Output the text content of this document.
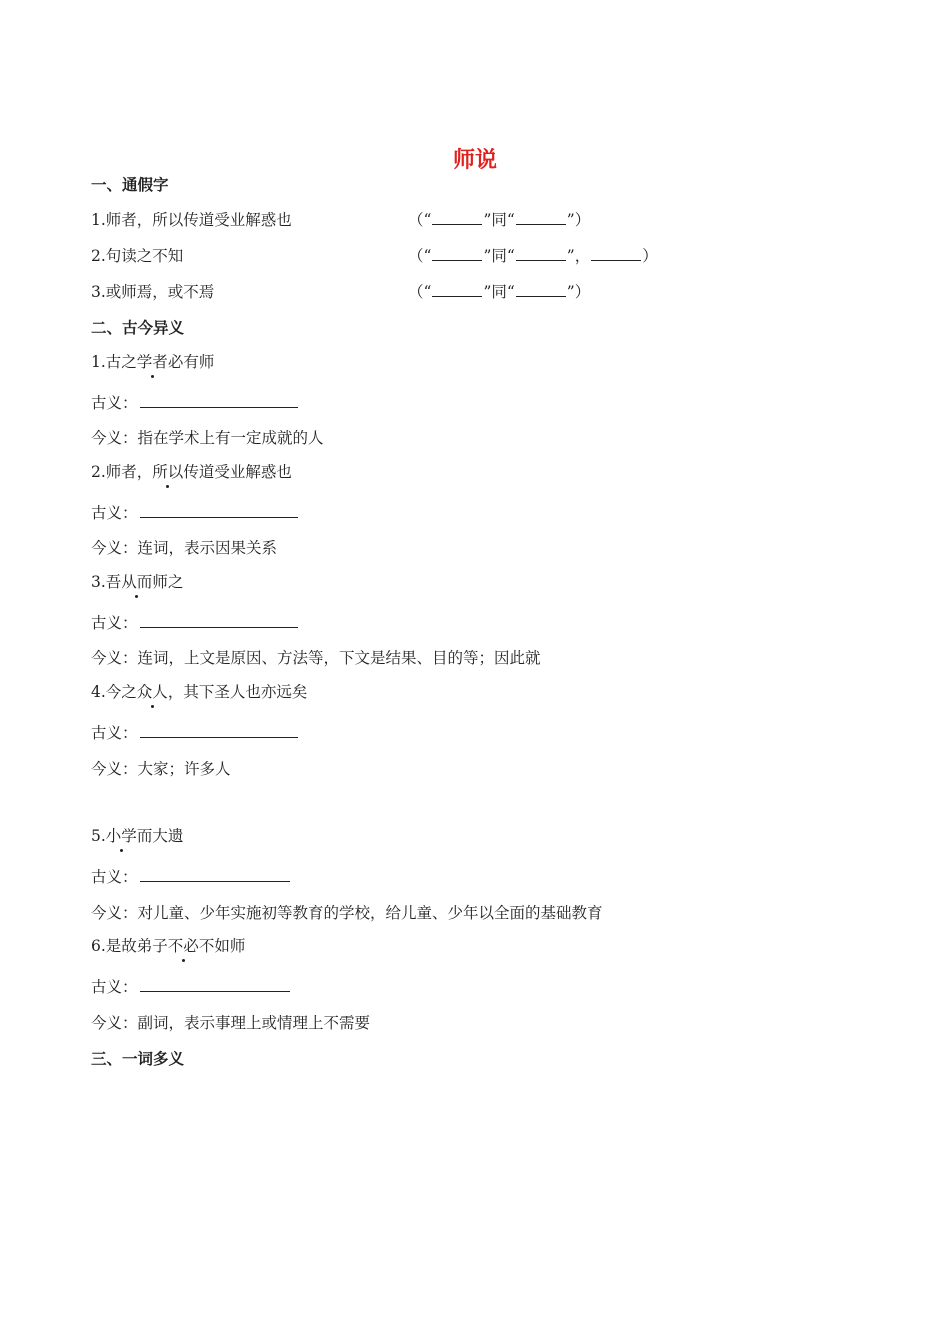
师说
一、通假字
1.师者，所以传道受业解惑也	（“	”同“	”）
2.句读之不知	（“	”同“	”，	）
3.或师焉，或不焉	（“	”同“	”）
二、古今异义
1.古之学者必有师
古义：
今义：指在学术上有一定成就的人
2.师者，所以传道受业解惑也
古义：
今义：连词，表示因果关系
3.吾从而师之
古义：
今义：连词，上文是原因、方法等，下文是结果、目的等；因此就
4.今之众人，其下圣人也亦远矣
古义：
今义：大家；许多人
5.小学而大遗
古义：
今义：对儿童、少年实施初等教育的学校，给儿童、少年以全面的基础教育
6.是故弟子不必不如师
古义：
今义：副词，表示事理上或情理上不需要
三、一词多义
